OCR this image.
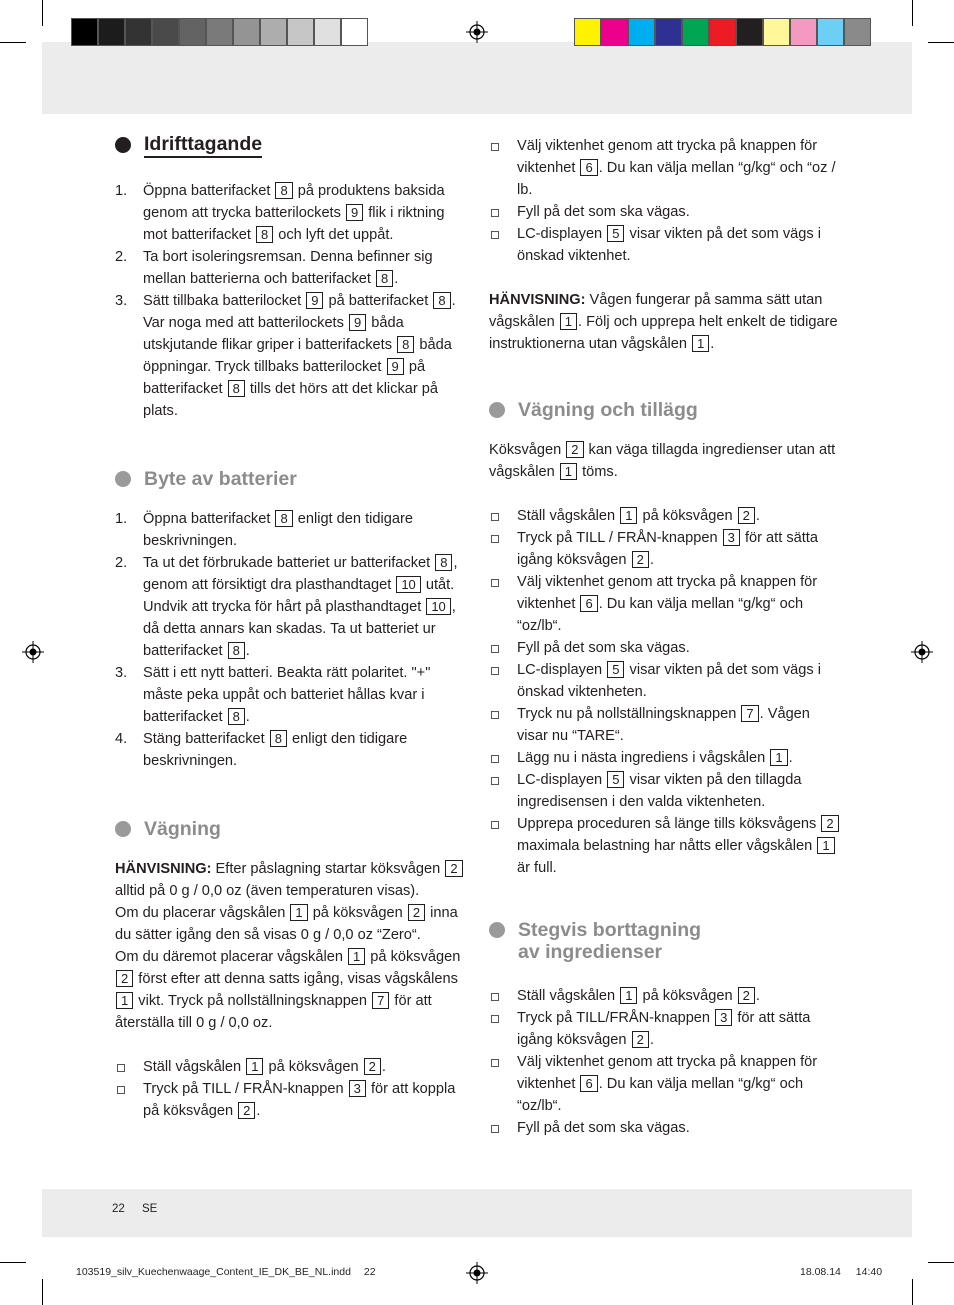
Idrifttagande
1.	Öppna batterifacket 8 på produktens baksida genom att trycka batterilockets 9 flik i riktning mot batterifacket 8 och lyft det uppåt.
2.	Ta bort isoleringsremsan. Denna befinner sig mellan batterierna och batterifacket 8 .
3.	Sätt tillbaka batterilocket 9 på batterifacket 8 . Var noga med att batterilockets 9 båda utskjutande flikar griper i batterifackets 8 båda öppningar. Tryck tillbaks batterilocket 9 på batterifacket 8 tills det hörs att det klickar på plats.
Byte av batterier
1.	Öppna batterifacket 8 enligt den tidigare beskrivningen.
2.	Ta ut det förbrukade batteriet ur batterifacket 8 , genom att försiktigt dra plasthandtaget 10 utåt. Undvik att trycka för hårt på plasthandtaget 10 , då detta annars kan skadas. Ta ut batteriet ur batterifacket 8 .
3.	Sätt i ett nytt batteri. Beakta rätt polaritet. "+" måste peka uppåt och batteriet hållas kvar i batterifacket 8 .
4.	Stäng batterifacket 8 enligt den tidigare beskrivningen.
Vägning

HÄNVISNING: Efter påslagning startar köksvågen 2 alltid på 0 g / 0,0 oz (även temperaturen visas).

Om du placerar vågskålen 1 på köksvågen 2 inna du sätter igång den så visas 0 g / 0,0 oz “Zero“.

Om du däremot placerar vågskålen 1 på köksvågen 2 först efter att denna satts igång, visas vågskålens 1 vikt. Tryck på nollställningsknappen 7 för att återställa till 0 g / 0,0 oz.

Ställ vågskålen 1 på köksvågen 2 .
Tryck på TILL / FRÅN-knappen 3 för att koppla på köksvågen 2 .
Välj viktenhet genom att trycka på knappen för viktenhet 6 . Du kan välja mellan “g/kg“ och “oz / lb.
Fyll på det som ska vägas.
LC-displayen 5 visar vikten på det som vägs i önskad viktenhet.

HÄNVISNING: Vågen fungerar på samma sätt utan vågskålen 1 . Följ och upprepa helt enkelt de tidigare instruktionerna utan vågskålen 1 .

Vägning och tillägg

Köksvågen 2 kan väga tillagda ingredienser utan att vågskålen 1 töms.

Ställ vågskålen 1 på köksvågen 2 .
Tryck på TILL / FRÅN-knappen 3 för att sätta igång köksvågen 2 .
Välj viktenhet genom att trycka på knappen för viktenhet 6 . Du kan välja mellan “g/kg“ och “oz/lb“.
Fyll på det som ska vägas.
LC-displayen 5 visar vikten på det som vägs i önskad viktenheten.
Tryck nu på nollställningsknappen 7 . Vågen visar nu “TARE“.
Lägg nu i nästa ingrediens i vågskålen 1 .
LC-displayen 5 visar vikten på den tillagda ingredisensen i den valda viktenheten.
Upprepa proceduren så länge tills köksvågens 2 maximala belastning har nåtts eller vågskålen 1 är full.
Stegvis borttagning
av ingredienser
Ställ vågskålen 1 på köksvågen 2 .
Tryck på TILL/FRÅN-knappen 3 för att sätta igång köksvågen 2 .
Välj viktenhet genom att trycka på knappen för viktenhet 6 . Du kan välja mellan “g/kg“ och “oz/lb“.
Fyll på det som ska vägas.
22 SE
103519_silv_Kuechenwaage_Content_IE_DK_BE_NL.indd 22	18.08.14 14:40
